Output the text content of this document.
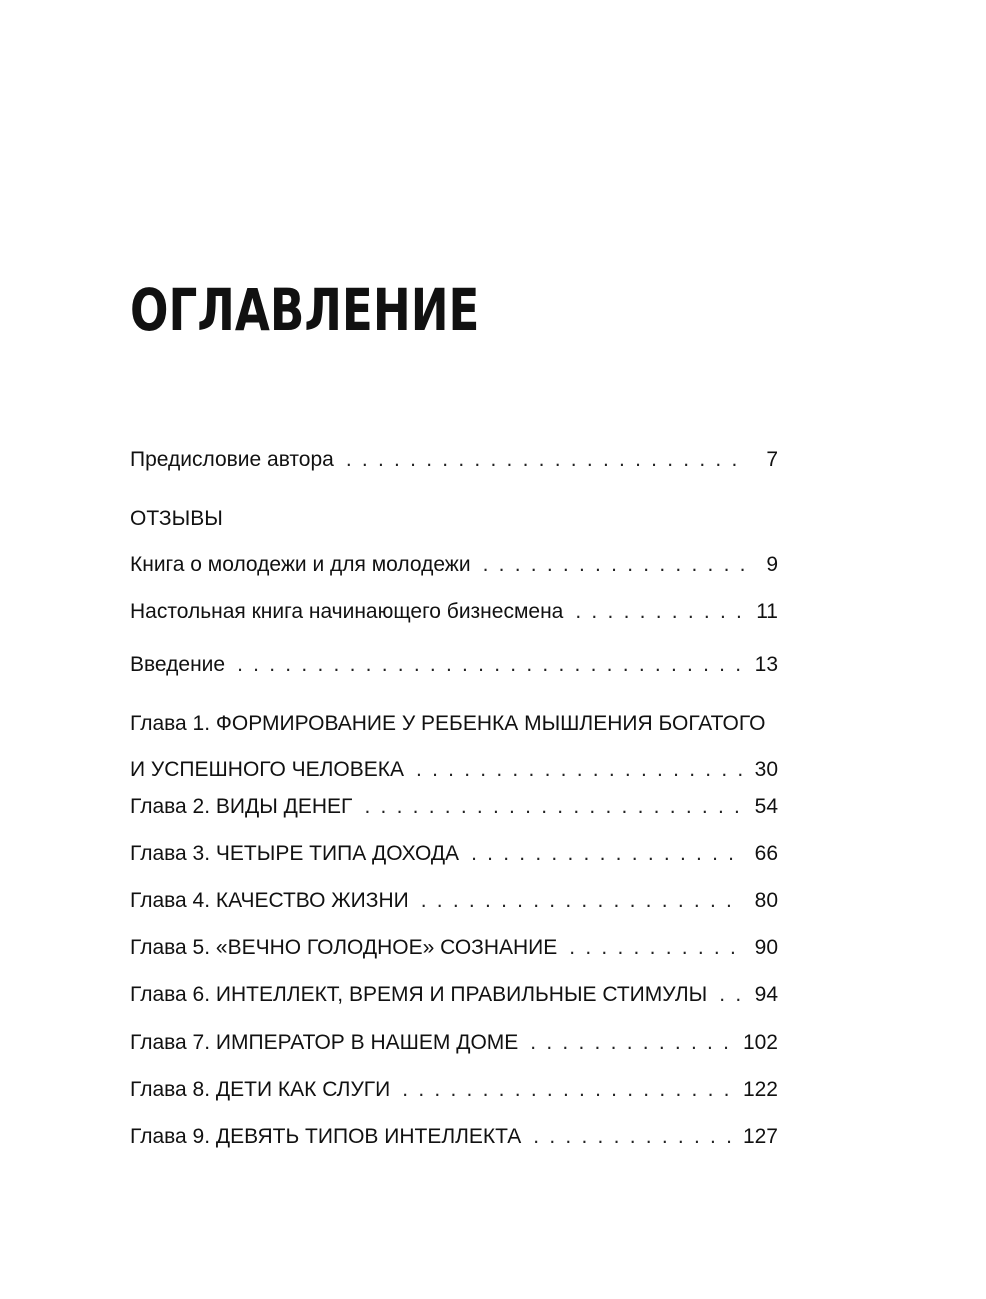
ОГЛАВЛЕНИЕ
Предисловие автора . . .	7
ОТЗЫВЫ
Книга о молодежи и для молодежи . . .	9
Настольная книга начинающего бизнесмена . . .	11
Введение . . .	13
Глава 1. ФОРМИРОВАНИЕ У РЕБЕНКА МЫШЛЕНИЯ БОГАТОГО
И УСПЕШНОГО ЧЕЛОВЕКА . . .	30
Глава 2. ВИДЫ ДЕНЕГ . . .	54
Глава 3. ЧЕТЫРЕ ТИПА ДОХОДА . . .	66
Глава 4. КАЧЕСТВО ЖИЗНИ . . .	80
Глава 5. «ВЕЧНО ГОЛОДНОЕ» СОЗНАНИЕ . . .	90
Глава 6. ИНТЕЛЛЕКТ, ВРЕМЯ И ПРАВИЛЬНЫЕ СТИМУЛЫ . . .	94
Глава 7. ИМПЕРАТОР В НАШЕМ ДОМЕ . . .	102
Глава 8. ДЕТИ КАК СЛУГИ . . .	122
Глава 9. ДЕВЯТЬ ТИПОВ ИНТЕЛЛЕКТА . . .	127
